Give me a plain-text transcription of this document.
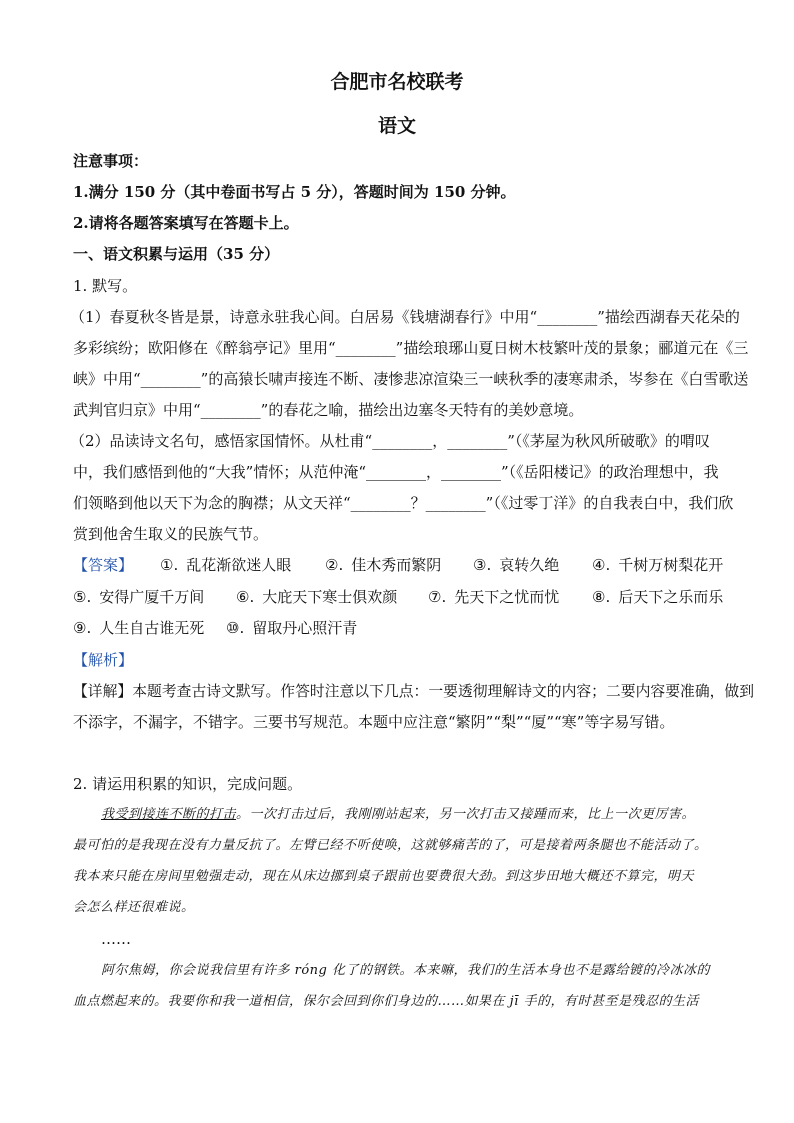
合肥市名校联考
语文
注意事项：
1.满分 150 分（其中卷面书写占 5 分），答题时间为 150 分钟。
2.请将各题答案填写在答题卡上。
一、语文积累与运用（35 分）
1. 默写。
（1）春夏秋冬皆是景，诗意永驻我心间。白居易《钱塘湖春行》中用“________”描绘西湖春天花朵的
多彩缤纷；欧阳修在《醉翁亭记》里用“________”描绘琅琊山夏日树木枝繁叶茂的景象；郦道元在《三
峡》中用“________”的高猿长啸声接连不断、凄惨悲凉渲染三一峡秋季的凄寒肃杀，岑参在《白雪歌送
武判官归京》中用“________”的春花之喻，描绘出边塞冬天特有的美妙意境。
（2）品读诗文名句，感悟家国情怀。从杜甫“________，________”（《茅屋为秋风所破歌》的喟叹
中，我们感悟到他的“大我”情怀；从范仲淹“________，________”（《岳阳楼记》的政治理想中，我
们领略到他以天下为念的胸襟；从文天祥“________？________”（《过零丁洋》的自我表白中，我们欣
赏到他舍生取义的民族气节。
【答案】 ①. 乱花渐欲迷人眼 ②. 佳木秀而繁阴 ③. 哀转久绝 ④. 千树万树梨花开
⑤. 安得广厦千万间 ⑥. 大庇天下寒士俱欢颜 ⑦. 先天下之忧而忧 ⑧. 后天下之乐而乐
⑨. 人生自古谁无死 ⑩. 留取丹心照汗青
【解析】
【详解】本题考查古诗文默写。作答时注意以下几点：一要透彻理解诗文的内容；二要内容要准确，做到
不添字，不漏字，不错字。三要书写规范。本题中应注意“繁阴”“梨”“厦”“寒”等字易写错。
2. 请运用积累的知识，完成问题。
我受到接连不断的打击。一次打击过后，我刚刚站起来，另一次打击又接踵而来，比上一次更厉害。
最可怕的是我现在没有力量反抗了。左臂已经不听使唤，这就够痛苦的了，可是接着两条腿也不能活动了。
我本来只能在房间里勉强走动，现在从床边挪到桌子跟前也要费很大劲。到这步田地大概还不算完，明天
会怎么样还很难说。
……
阿尔焦姆，你会说我信里有许多 róng 化了的钢铁。本来嘛，我们的生活本身也不是露给镀的冷冰冰的
血点燃起来的。我要你和我一道相信，保尔会回到你们身边的……如果在 jī 手的，有时甚至是残忍的生活
